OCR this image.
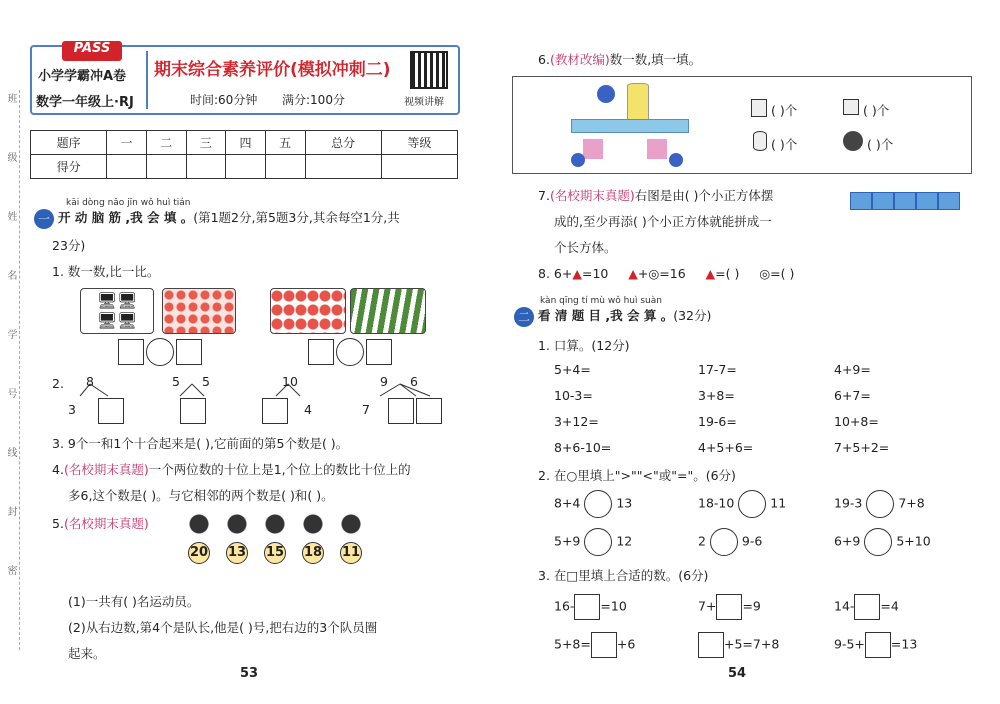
班
级
姓
名
学
号
线
封
密
PASS
小学学霸冲A卷
数学一年级上·RJ
期末综合素养评价(模拟冲刺二)
时间:60分钟 满分:100分	视频讲解
题序	一	二	三	四	五	总分	等级
得分							
kāi dòng nǎo jīn wǒ huì tián
一 开 动 脑 筋 ,我 会 填 。(第1题2分,第5题3分,其余每空1分,共
23分)
1. 数一数,比一比。
🖥🖥
🖥🖥
2. 8
3
5 5	10
4
9 6
7
3. 9个一和1个十合起来是( ),它前面的第5个数是( )。
4.(名校期末真题)一个两位数的十位上是1,个位上的数比十位上的
多6,这个数是( )。与它相邻的两个数是( )和( )。
5.(名校期末真题)
20 13 15 18 11
(1)一共有( )名运动员。
(2)从右边数,第4个是队长,他是( )号,把右边的3个队员圈
起来。
53
6.(教材改编)数一数,填一填。
( )个	( )个
( )个	( )个
7.(名校期末真题)右图是由( )个小正方体摆
成的,至少再添( )个小正方体就能拼成一
个长方体。
8. 6+▲=10 ▲+◎=16 ▲=( ) ◎=( )
kàn qīng tí mù wǒ huì suàn
二 看 清 题 目 ,我 会 算 。(32分)
1. 口算。(12分)
5+4=	17-7=	4+9=
10-3=	3+8=	6+7=
3+12=	19-6=	10+8=
8+6-10=	4+5+6=	7+5+2=
2. 在○里填上">""<"或"="。(6分)
8+4	13	18-10	11	19-3	7+8
5+9	12	2	9-6	6+9	5+10
3. 在□里填上合适的数。(6分)
16- =10	7+ =9	14- =4
5+8= +6	+5=7+8	9-5+ =13
54
